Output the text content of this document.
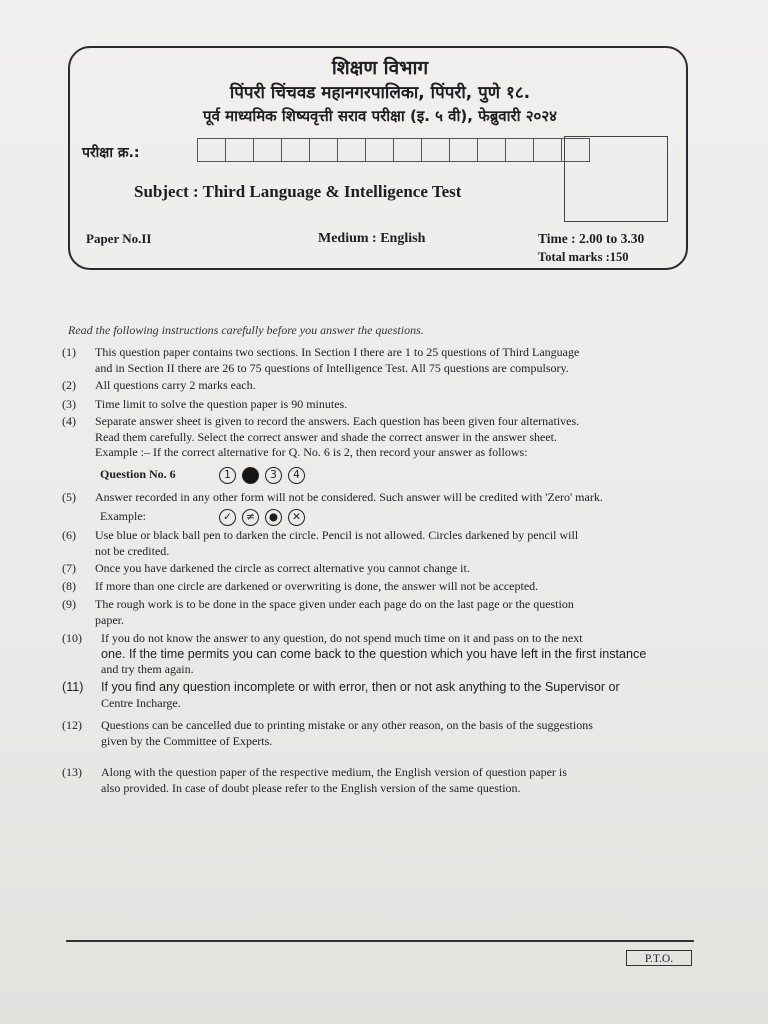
शिक्षण विभाग
पिंपरी चिंचवड महानगरपालिका, पिंपरी, पुणे १८.
पूर्व माध्यमिक शिष्यवृत्ती सराव परीक्षा (इ. ५ वी), फेब्रुवारी २०२४
परीक्षा क्र.:
Subject : Third Language & Intelligence Test
Paper No.II	Medium : English	Time : 2.00 to 3.30
Total marks :150
Read the following instructions carefully before you answer the questions.
(1)	This question paper contains two sections. In Section I there are 1 to 25 questions of Third Language
and in Section II there are 26 to 75 questions of Intelligence Test. All 75 questions are compulsory.
(2)	All questions carry 2 marks each.
(3)	Time limit to solve the question paper is 90 minutes.
(4)	Separate answer sheet is given to record the answers. Each question has been given four alternatives.
Read them carefully. Select the correct answer and shade the correct answer in the answer sheet.
Example :– If the correct alternative for Q. No. 6 is 2, then record your answer as follows:
Question No. 6	1	3 4
(5)	Answer recorded in any other form will not be considered. Such answer will be credited with 'Zero' mark.
Example:	✓ ≠ ● ✕
(6)	Use blue or black ball pen to darken the circle. Pencil is not allowed. Circles darkened by pencil will
not be credited.
(7)	Once you have darkened the circle as correct alternative you cannot change it.
(8)	If more than one circle are darkened or overwriting is done, the answer will not be accepted.
(9)	The rough work is to be done in the space given under each page do on the last page or the question
paper.
(10)	If you do not know the answer to any question, do not spend much time on it and pass on to the next
one. If the time permits you can come back to the question which you have left in the first instance
and try them again.
(11)	If you find any question incomplete or with error, then or not ask anything to the Supervisor or
Centre Incharge.
(12)	Questions can be cancelled due to printing mistake or any other reason, on the basis of the suggestions
given by the Committee of Experts.
(13)	Along with the question paper of the respective medium, the English version of question paper is
also provided. In case of doubt please refer to the English version of the same question.
P.T.O.
